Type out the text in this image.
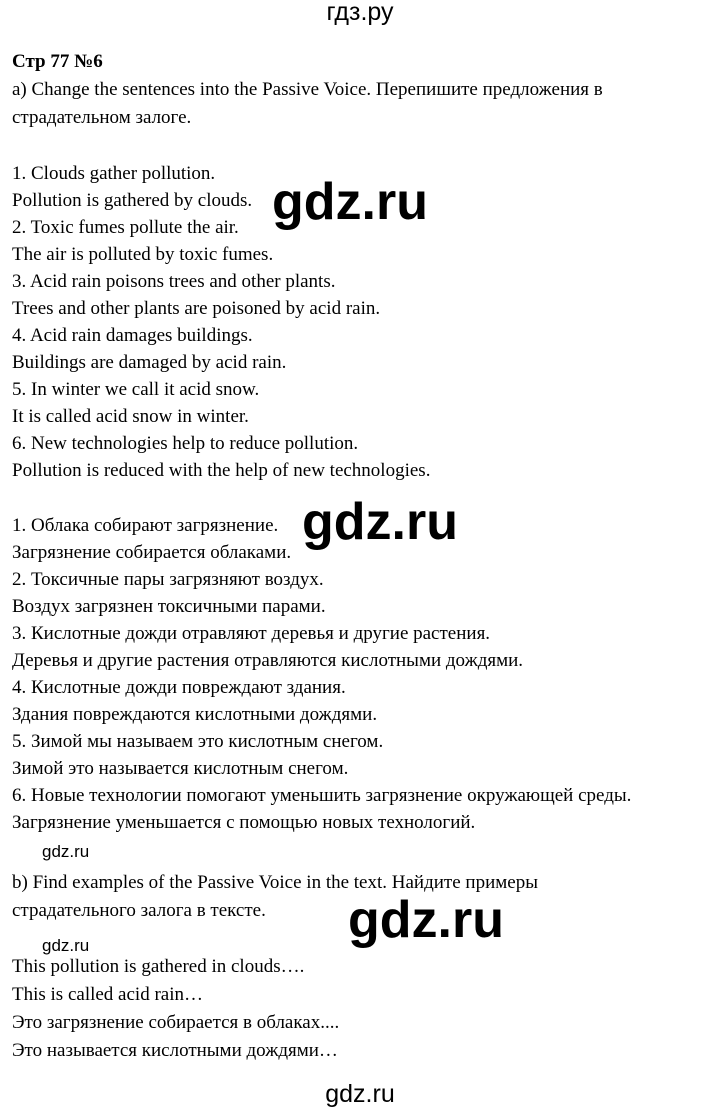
гдз.ру
Стр 77 №6
a) Change the sentences into the Passive Voice. Перепишите предложения в
страдательном залоге.
1. Clouds gather pollution.
Pollution is gathered by clouds.
2. Toxic fumes pollute the air.
The air is polluted by toxic fumes.
3. Acid rain poisons trees and other plants.
Trees and other plants are poisoned by acid rain.
4. Acid rain damages buildings.
Buildings are damaged by acid rain.
5. In winter we call it acid snow.
It is called acid snow in winter.
6. New technologies help to reduce pollution.
Pollution is reduced with the help of new technologies.
1. Облака собирают загрязнение.
Загрязнение собирается облаками.
2. Токсичные пары загрязняют воздух.
Воздух загрязнен токсичными парами.
3. Кислотные дожди отравляют деревья и другие растения.
Деревья и другие растения отравляются кислотными дождями.
4. Кислотные дожди повреждают здания.
Здания повреждаются кислотными дождями.
5. Зимой мы называем это кислотным снегом.
Зимой это называется кислотным снегом.
6. Новые технологии помогают уменьшить загрязнение окружающей среды.
Загрязнение уменьшается с помощью новых технологий.
gdz.ru
b) Find examples of the Passive Voice in the text. Найдите примеры
страдательного залога в тексте.
gdz.ru
This pollution is gathered in clouds….
This is called acid rain…
Это загрязнение собирается в облаках....
Это называется кислотными дождями…
gdz.ru
gdz.ru
gdz.ru
gdz.ru
